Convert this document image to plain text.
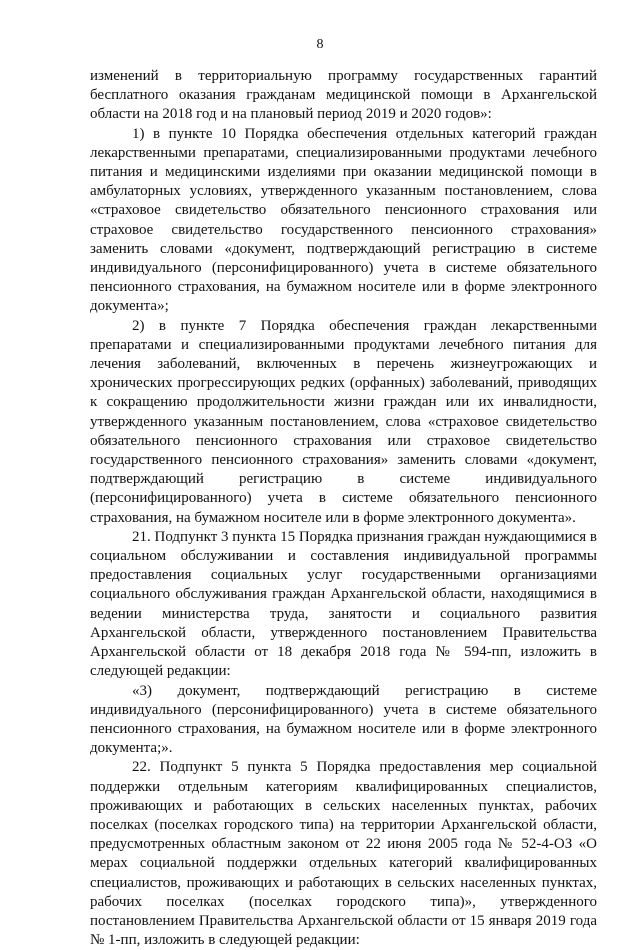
8

изменений в территориальную программу государственных гарантий бесплатного оказания гражданам медицинской помощи в Архангельской области на 2018 год и на плановый период 2019 и 2020 годов»:

1) в пункте 10 Порядка обеспечения отдельных категорий граждан лекарственными препаратами, специализированными продуктами лечебного питания и медицинскими изделиями при оказании медицинской помощи в амбулаторных условиях, утвержденного указанным постановлением, слова «страховое свидетельство обязательного пенсионного страхования или страховое свидетельство государственного пенсионного страхования» заменить словами «документ, подтверждающий регистрацию в системе индивидуального (персонифицированного) учета в системе обязательного пенсионного страхования, на бумажном носителе или в форме электронного документа»;

2) в пункте 7 Порядка обеспечения граждан лекарственными препаратами и специализированными продуктами лечебного питания для лечения заболеваний, включенных в перечень жизнеугрожающих и хронических прогрессирующих редких (орфанных) заболеваний, приводящих к сокращению продолжительности жизни граждан или их инвалидности, утвержденного указанным постановлением, слова «страховое свидетельство обязательного пенсионного страхования или страховое свидетельство государственного пенсионного страхования» заменить словами «документ, подтверждающий регистрацию в системе индивидуального (персонифицированного) учета в системе обязательного пенсионного страхования, на бумажном носителе или в форме электронного документа».

21. Подпункт 3 пункта 15 Порядка признания граждан нуждающимися в социальном обслуживании и составления индивидуальной программы предоставления социальных услуг государственными организациями социального обслуживания граждан Архангельской области, находящимися в ведении министерства труда, занятости и социального развития Архангельской области, утвержденного постановлением Правительства Архангельской области от 18 декабря 2018 года № 594-пп, изложить в следующей редакции:

«3) документ, подтверждающий регистрацию в системе индивидуального (персонифицированного) учета в системе обязательного пенсионного страхования, на бумажном носителе или в форме электронного документа;».

22. Подпункт 5 пункта 5 Порядка предоставления мер социальной поддержки отдельным категориям квалифицированных специалистов, проживающих и работающих в сельских населенных пунктах, рабочих поселках (поселках городского типа) на территории Архангельской области, предусмотренных областным законом от 22 июня 2005 года № 52-4-ОЗ «О мерах социальной поддержки отдельных категорий квалифицированных специалистов, проживающих и работающих в сельских населенных пунктах, рабочих поселках (поселках городского типа)», утвержденного постановлением Правительства Архангельской области от 15 января 2019 года № 1-пп, изложить в следующей редакции:
